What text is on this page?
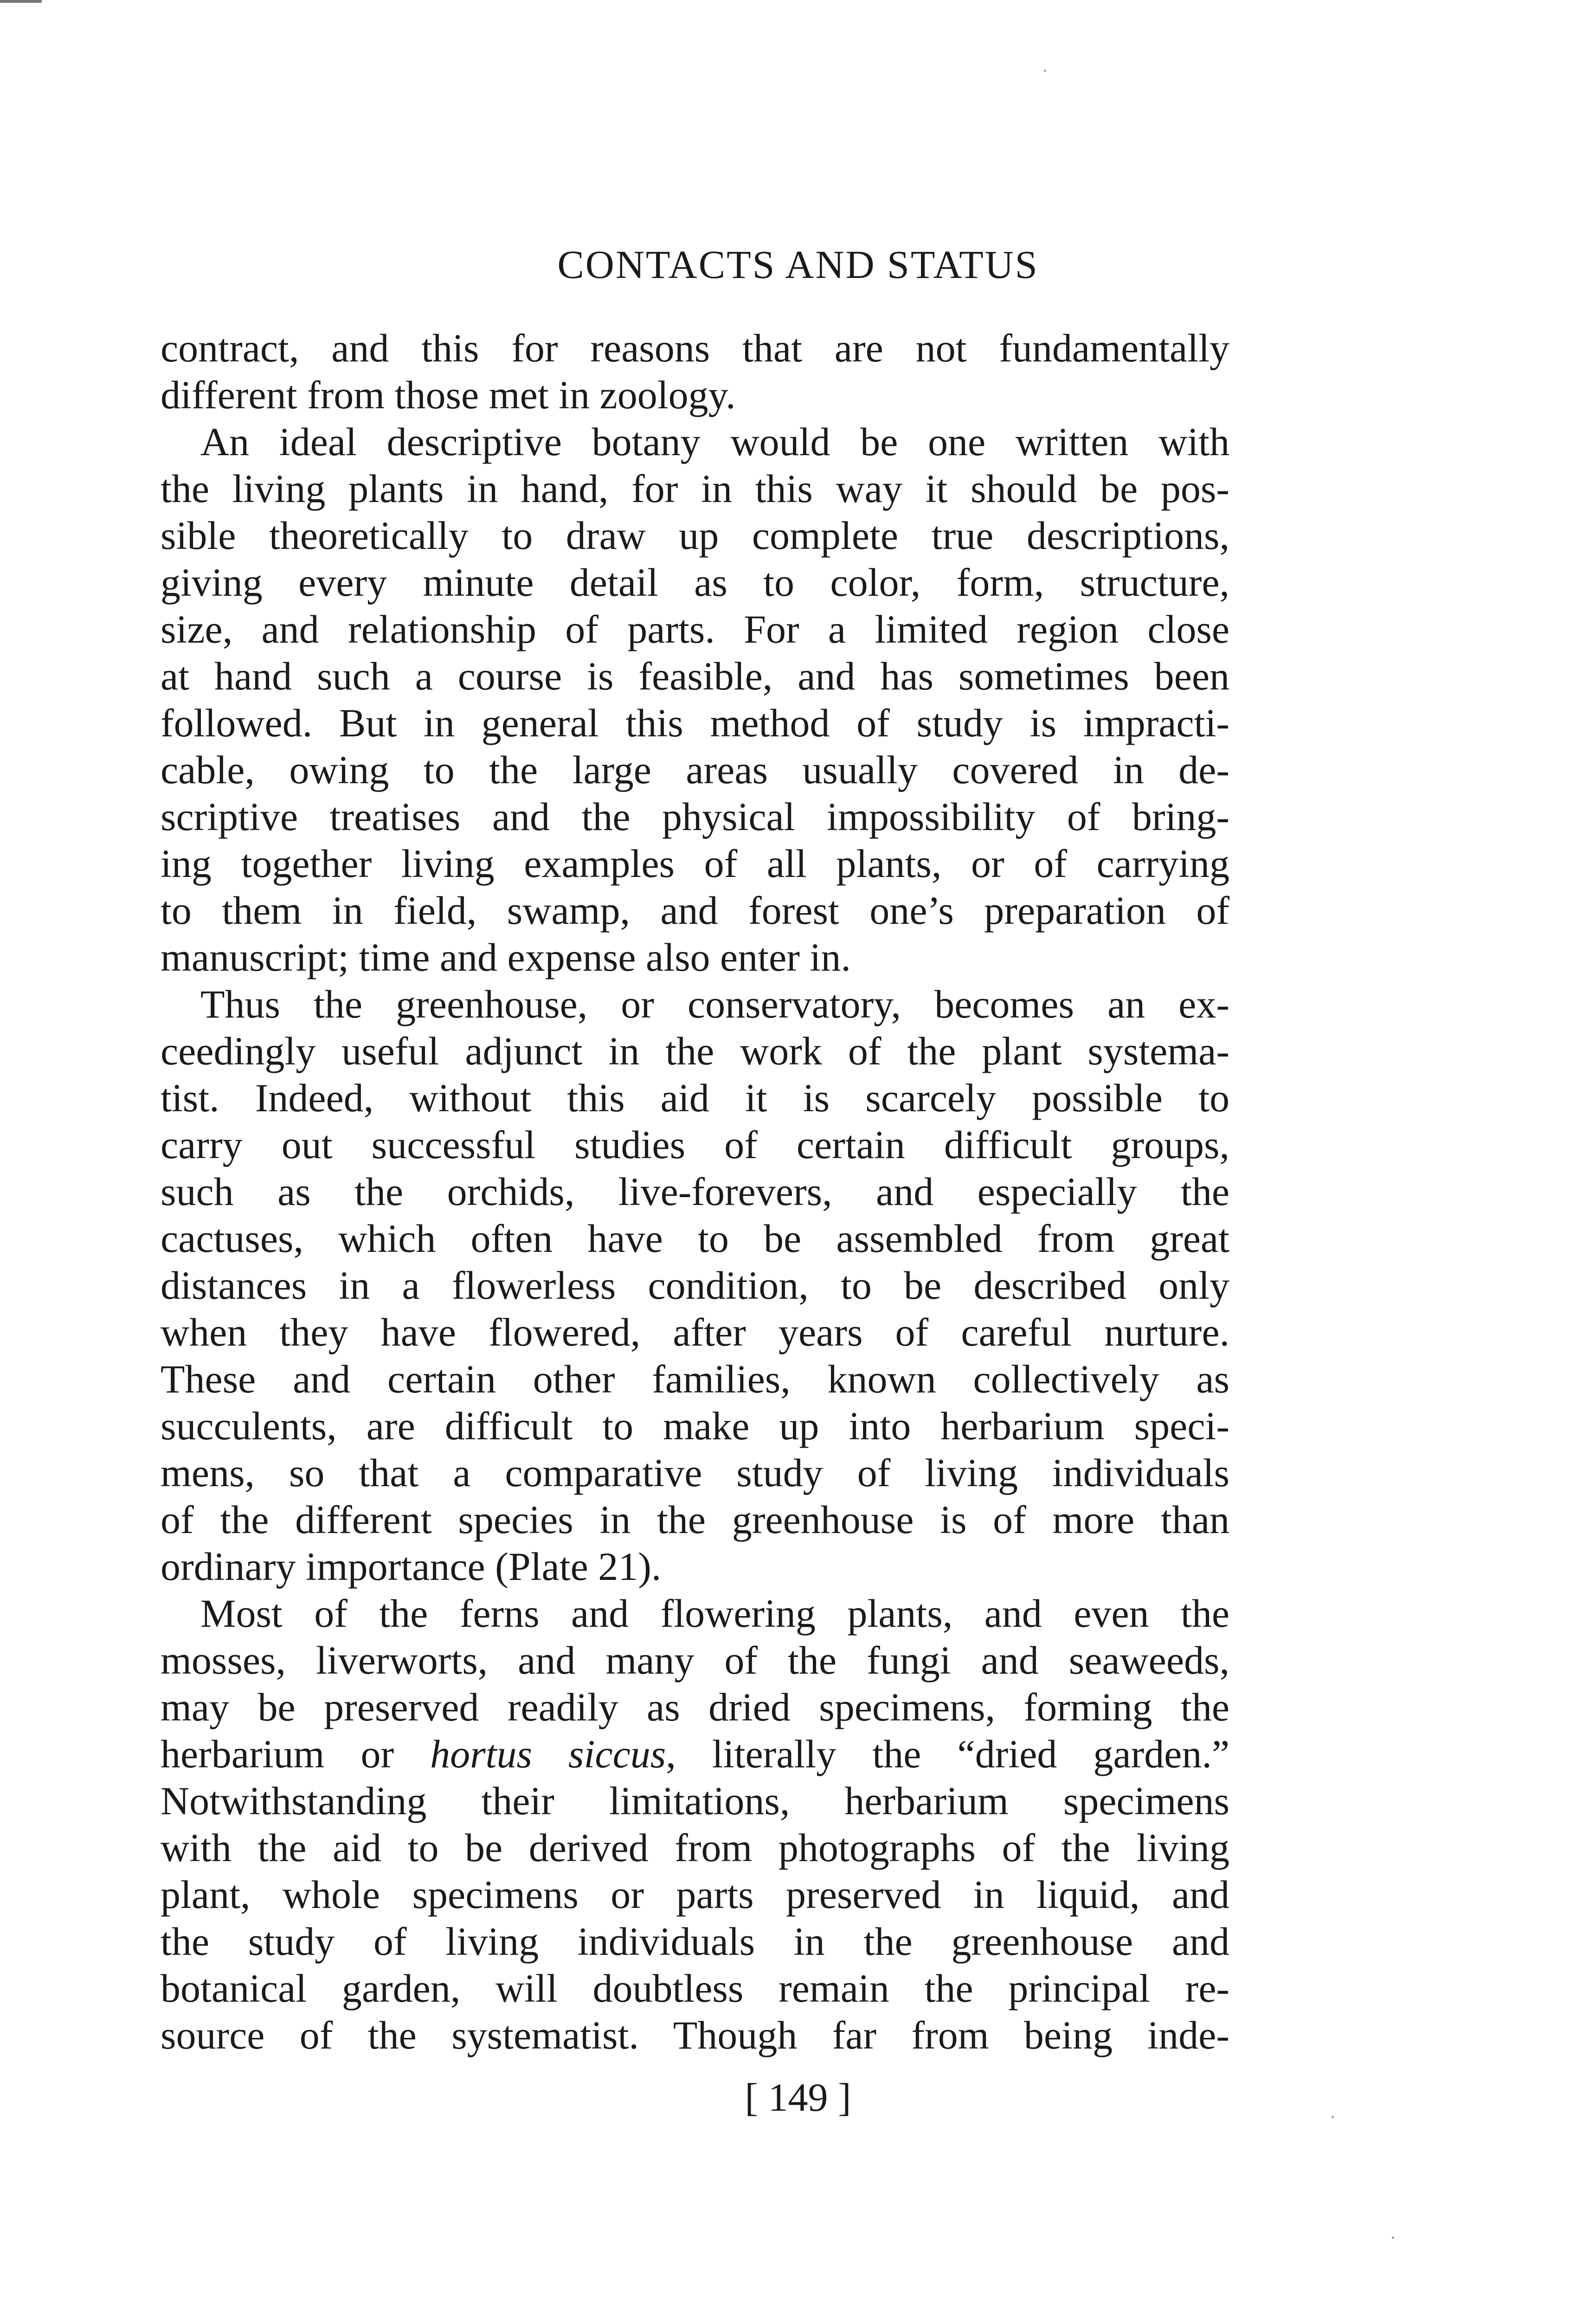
CONTACTS AND STATUS
contract, and this for reasons that are not fundamentally
different from those met in zoology.
An ideal descriptive botany would be one written with
the living plants in hand, for in this way it should be pos-
sible theoretically to draw up complete true descriptions,
giving every minute detail as to color, form, structure,
size, and relationship of parts. For a limited region close
at hand such a course is feasible, and has sometimes been
followed. But in general this method of study is impracti-
cable, owing to the large areas usually covered in de-
scriptive treatises and the physical impossibility of bring-
ing together living examples of all plants, or of carrying
to them in field, swamp, and forest one’s preparation of
manuscript; time and expense also enter in.
Thus the greenhouse, or conservatory, becomes an ex-
ceedingly useful adjunct in the work of the plant systema-
tist. Indeed, without this aid it is scarcely possible to
carry out successful studies of certain difficult groups,
such as the orchids, live-forevers, and especially the
cactuses, which often have to be assembled from great
distances in a flowerless condition, to be described only
when they have flowered, after years of careful nurture.
These and certain other families, known collectively as
succulents, are difficult to make up into herbarium speci-
mens, so that a comparative study of living individuals
of the different species in the greenhouse is of more than
ordinary importance (Plate 21).
Most of the ferns and flowering plants, and even the
mosses, liverworts, and many of the fungi and seaweeds,
may be preserved readily as dried specimens, forming the
herbarium or hortus siccus, literally the “dried garden.”
Notwithstanding their limitations, herbarium specimens
with the aid to be derived from photographs of the living
plant, whole specimens or parts preserved in liquid, and
the study of living individuals in the greenhouse and
botanical garden, will doubtless remain the principal re-
source of the systematist. Though far from being inde-
[ 149 ]
